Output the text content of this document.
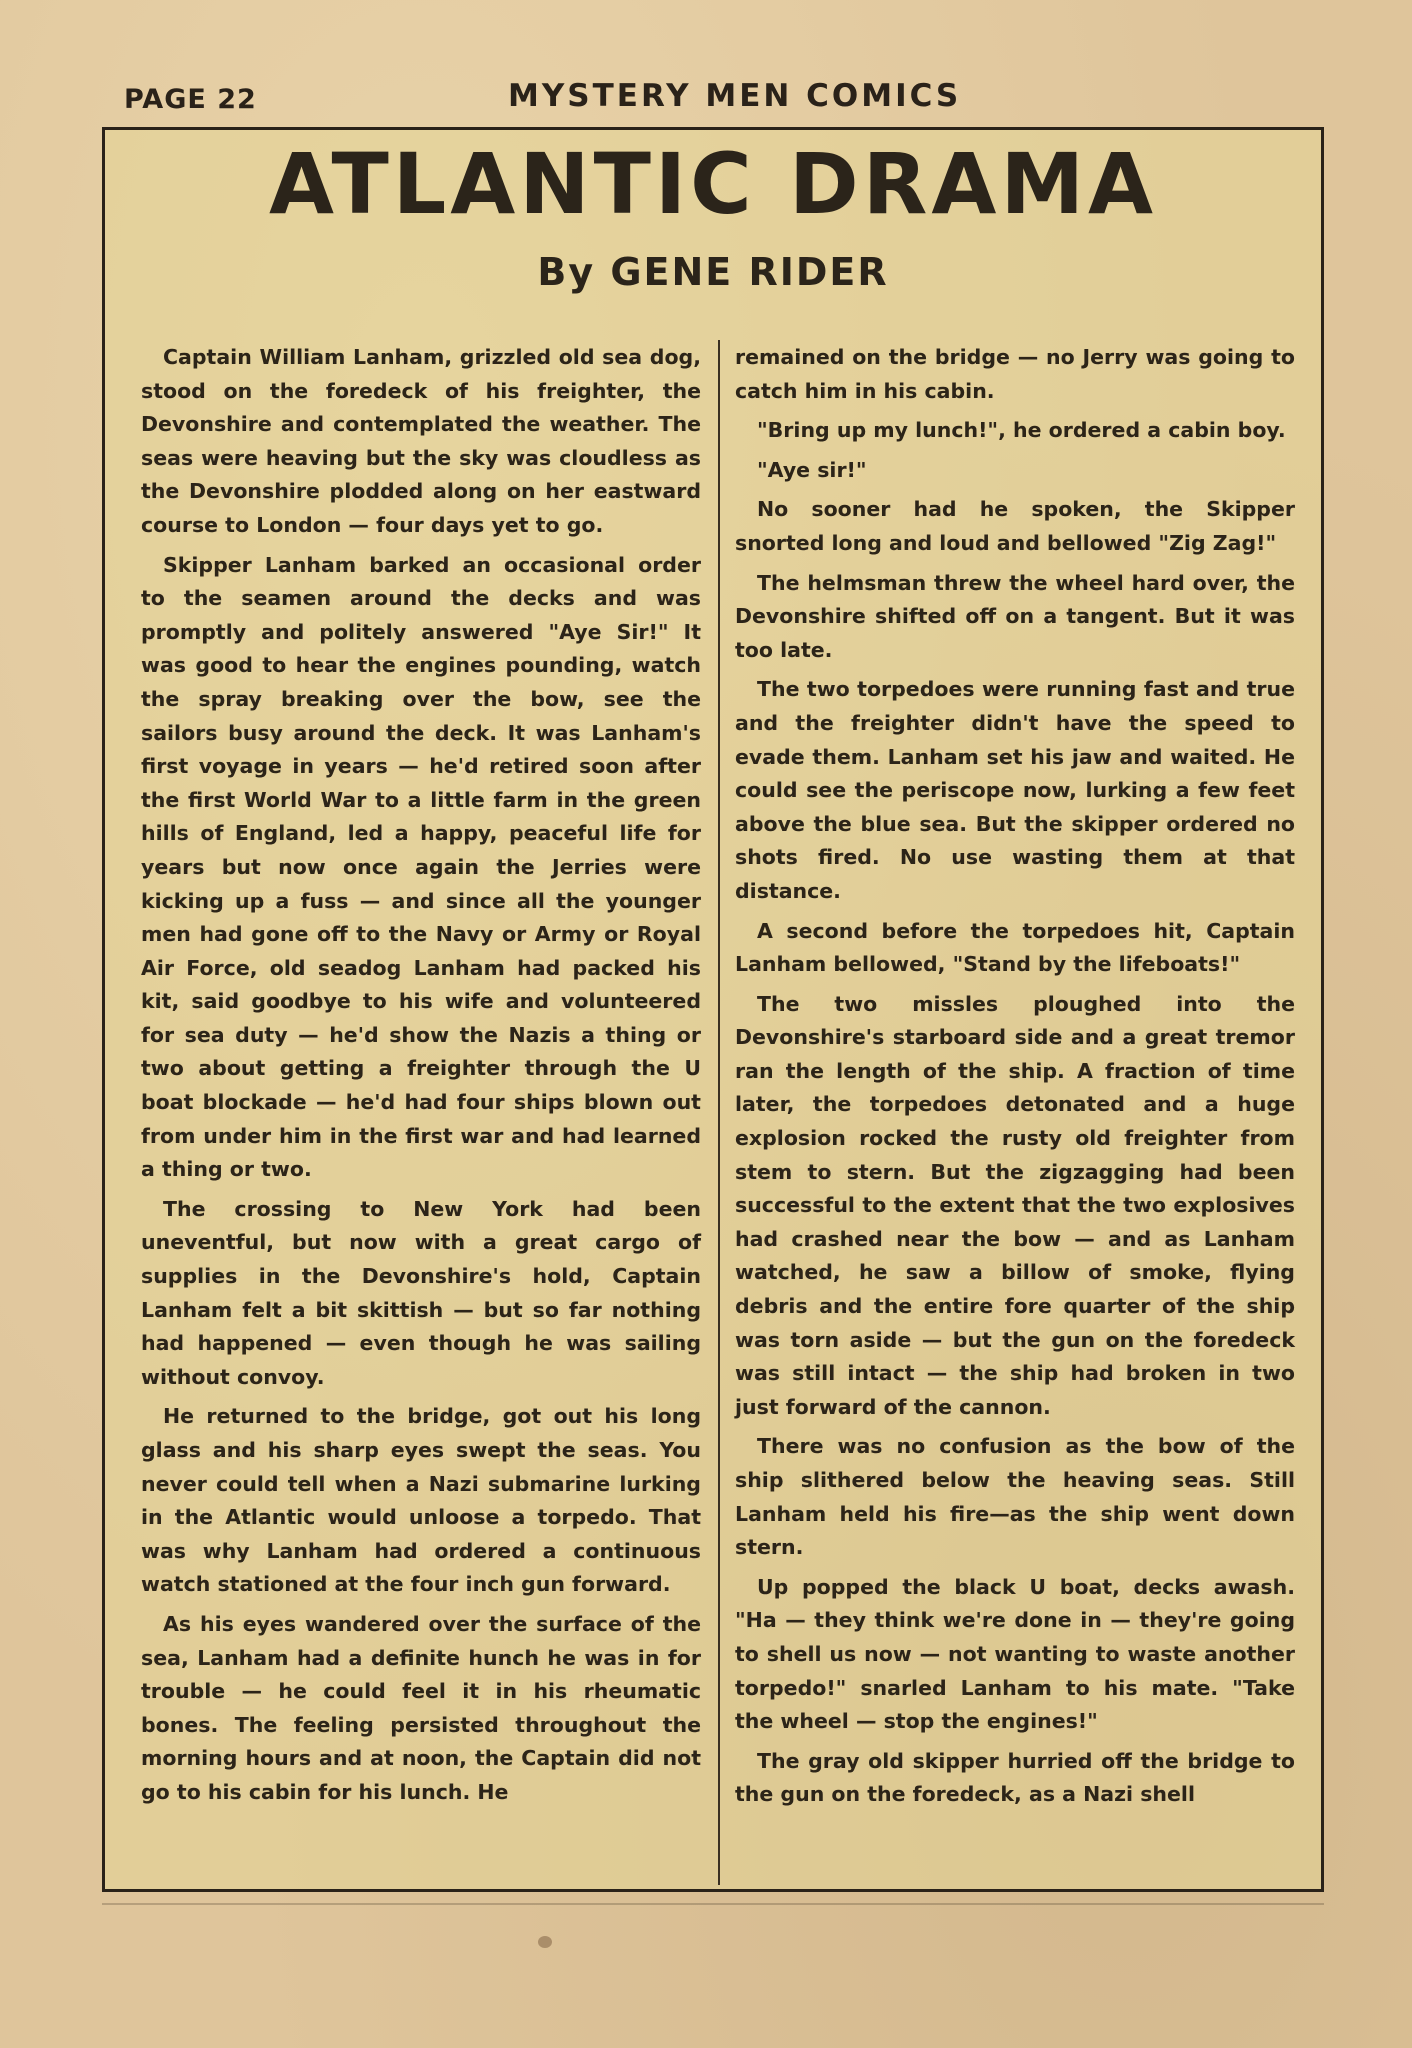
PAGE 22	MYSTERY MEN COMICS
ATLANTIC DRAMA
By GENE RIDER

Captain William Lanham, grizzled old sea dog, stood on the foredeck of his freighter, the Devonshire and contemplated the weather. The seas were heaving but the sky was cloudless as the Devonshire plodded along on her eastward course to London — four days yet to go.

Skipper Lanham barked an occasional order to the seamen around the decks and was promptly and politely answered "Aye Sir!" It was good to hear the engines pounding, watch the spray breaking over the bow, see the sailors busy around the deck. It was Lanham's first voyage in years — he'd retired soon after the first World War to a little farm in the green hills of England, led a happy, peaceful life for years but now once again the Jerries were kicking up a fuss — and since all the younger men had gone off to the Navy or Army or Royal Air Force, old seadog Lanham had packed his kit, said goodbye to his wife and volunteered for sea duty — he'd show the Nazis a thing or two about getting a freighter through the U boat blockade — he'd had four ships blown out from under him in the first war and had learned a thing or two.

The crossing to New York had been uneventful, but now with a great cargo of supplies in the Devonshire's hold, Captain Lanham felt a bit skittish — but so far nothing had happened — even though he was sailing without convoy.

He returned to the bridge, got out his long glass and his sharp eyes swept the seas. You never could tell when a Nazi submarine lurking in the Atlantic would unloose a torpedo. That was why Lanham had ordered a continuous watch stationed at the four inch gun forward.

As his eyes wandered over the surface of the sea, Lanham had a definite hunch he was in for trouble — he could feel it in his rheumatic bones. The feeling persisted throughout the morning hours and at noon, the Captain did not go to his cabin for his lunch. He

remained on the bridge — no Jerry was going to catch him in his cabin.

"Bring up my lunch!", he ordered a cabin boy.

"Aye sir!"

No sooner had he spoken, the Skipper snorted long and loud and bellowed "Zig Zag!"

The helmsman threw the wheel hard over, the Devonshire shifted off on a tangent. But it was too late.

The two torpedoes were running fast and true and the freighter didn't have the speed to evade them. Lanham set his jaw and waited. He could see the periscope now, lurking a few feet above the blue sea. But the skipper ordered no shots fired. No use wasting them at that distance.

A second before the torpedoes hit, Captain Lanham bellowed, "Stand by the lifeboats!"

The two missles ploughed into the Devonshire's starboard side and a great tremor ran the length of the ship. A fraction of time later, the torpedoes detonated and a huge explosion rocked the rusty old freighter from stem to stern. But the zigzagging had been successful to the extent that the two explosives had crashed near the bow — and as Lanham watched, he saw a billow of smoke, flying debris and the entire fore quarter of the ship was torn aside — but the gun on the foredeck was still intact — the ship had broken in two just forward of the cannon.

There was no confusion as the bow of the ship slithered below the heaving seas. Still Lanham held his fire—as the ship went down stern.

Up popped the black U boat, decks awash. "Ha — they think we're done in — they're going to shell us now — not wanting to waste another torpedo!" snarled Lanham to his mate. "Take the wheel — stop the engines!"

The gray old skipper hurried off the bridge to the gun on the foredeck, as a Nazi shell
